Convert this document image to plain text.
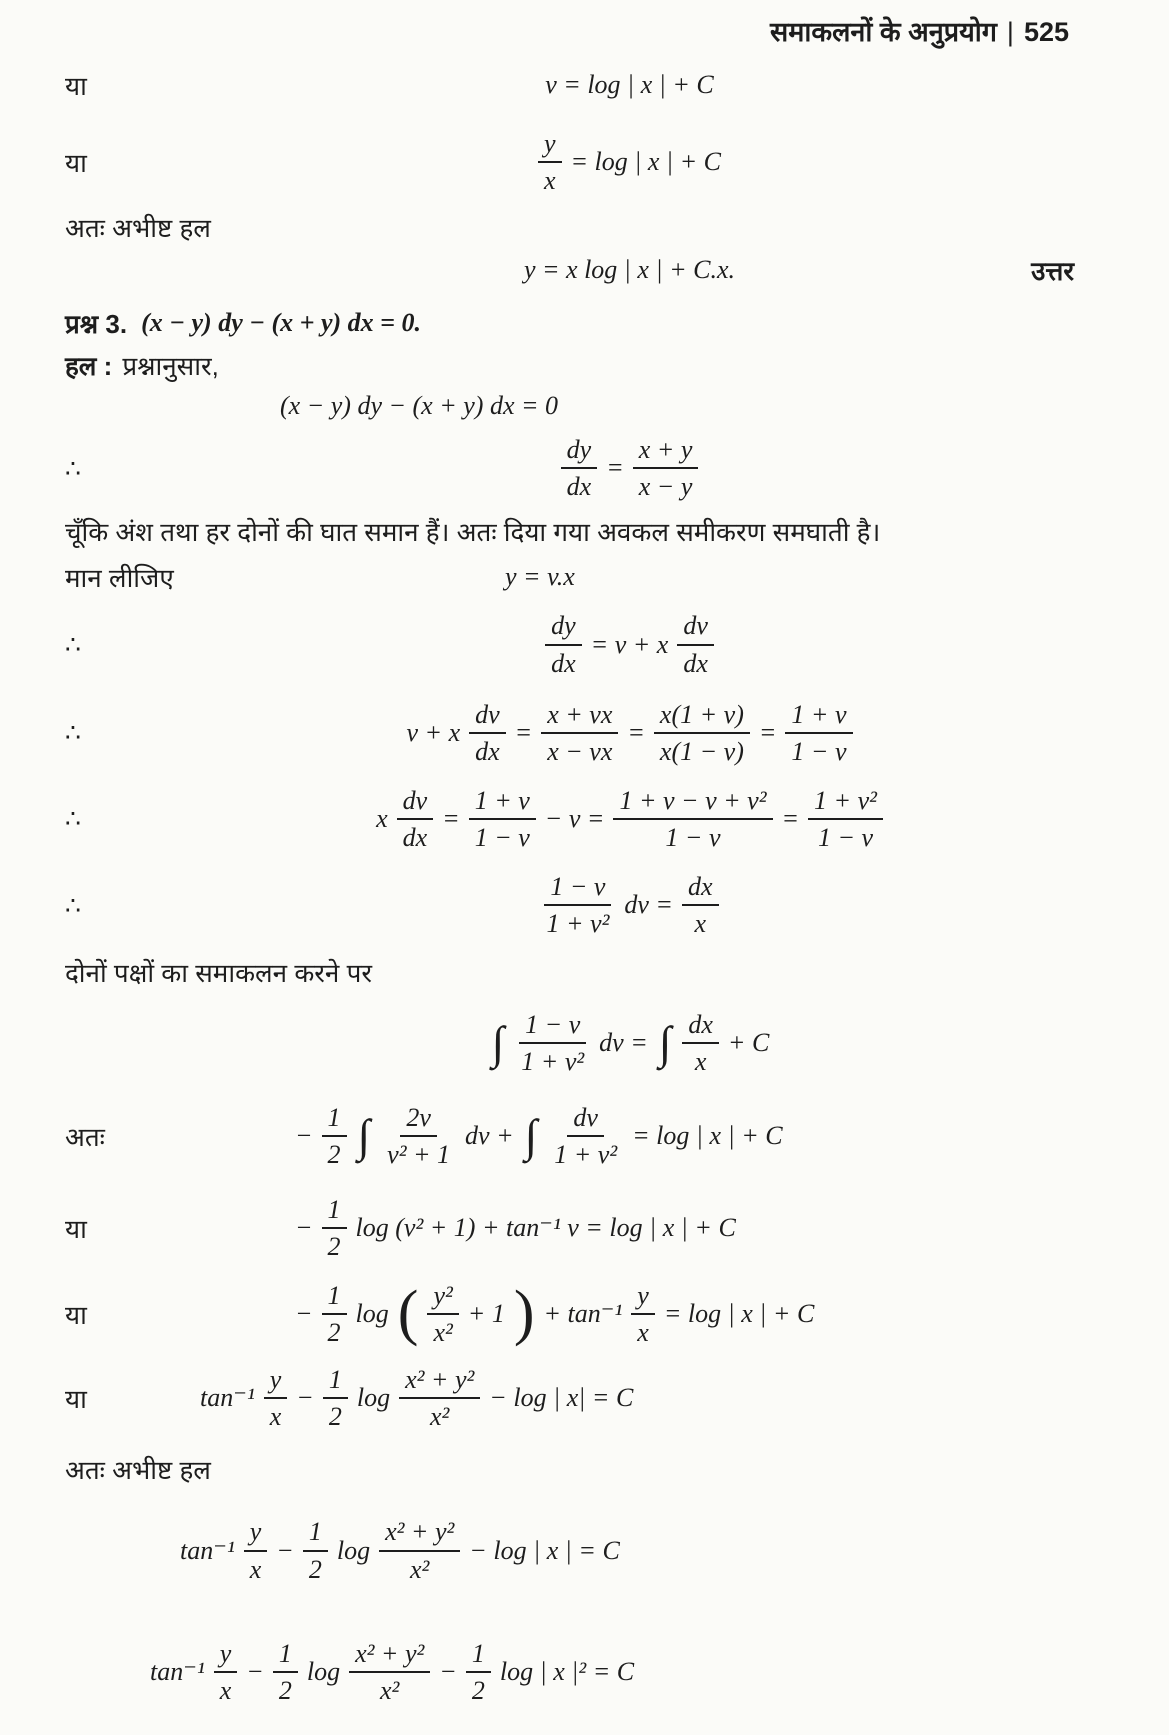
समाकलनों के अनुप्रयोग | 525
या	v = log | x | + C
या	$\frac{y}{x} = \log$ | x | + C
अतः अभीष्ट हल
y = x log | x | + C.x.	उत्तर
प्रश्न 3. (x − y) dy − (x + y) dx = 0.
हल : प्रश्नानुसार,
(x − y) dy − (x + y) dx = 0
∴	$\frac{dy}{dx} = \frac{x + y}{x - y}$
चूँकि अंश तथा हर दोनों की घात समान हैं। अतः दिया गया अवकल समीकरण समघाती है।
मान लीजिए	y = v.x
∴	$\frac{dy}{dx} = v + x \frac{dv}{dx}$
∴	v + x $\frac{dv}{dx} = \frac{x + vx}{x - vx} = \frac{x(1 + v)}{x(1 - v)} = \frac{1 + v}{1 - v}$
∴	x $\frac{dv}{dx} = \frac{1 + v}{1 - v} - v = \frac{\text{1 + v − v + v²}}{1 - v} = \frac{\text{1 + v²}}{1 - v}$
∴	$\frac{1 - v}{\text{1 + v²}}$ dv = $\frac{dx}{x}$
दोनों पक्षों का समाकलन करने पर
∫ $\frac{1 - v}{\text{1 + v²}}$ dv = ∫ $\frac{dx}{x} + C$
अतः	− $\frac{1}{2}$ ∫ $\frac{2v}{\text{v² + 1}}$ dv + ∫ $\frac{dv}{\text{1 + v²}} = \log$ | x | + C
या	− $\frac{1}{2}$ log (v² + 1) + tan⁻¹ v = log | x | + C
या	− $\frac{1}{2}$ log ( $\frac{\text{y²}}{\text{x²}} + 1$ ) + $\tan^{-1} \frac{y}{x} = \log$ | x | + C
या	$\tan^{-1} \frac{y}{x} - \frac{1}{2}$ $\log \frac{\text{x² + y²}}{\text{x²}} - \log$ | x| = C
अतः अभीष्ट हल
$\tan^{-1} \frac{y}{x} - \frac{1}{2}$ $\log \frac{\text{x² + y²}}{\text{x²}} - \log$ | x | = C
$\tan^{-1} \frac{y}{x} - \frac{1}{2}$ $\log \frac{\text{x² + y²}}{\text{x²}} - \frac{1}{2}$ log | x |² = C
